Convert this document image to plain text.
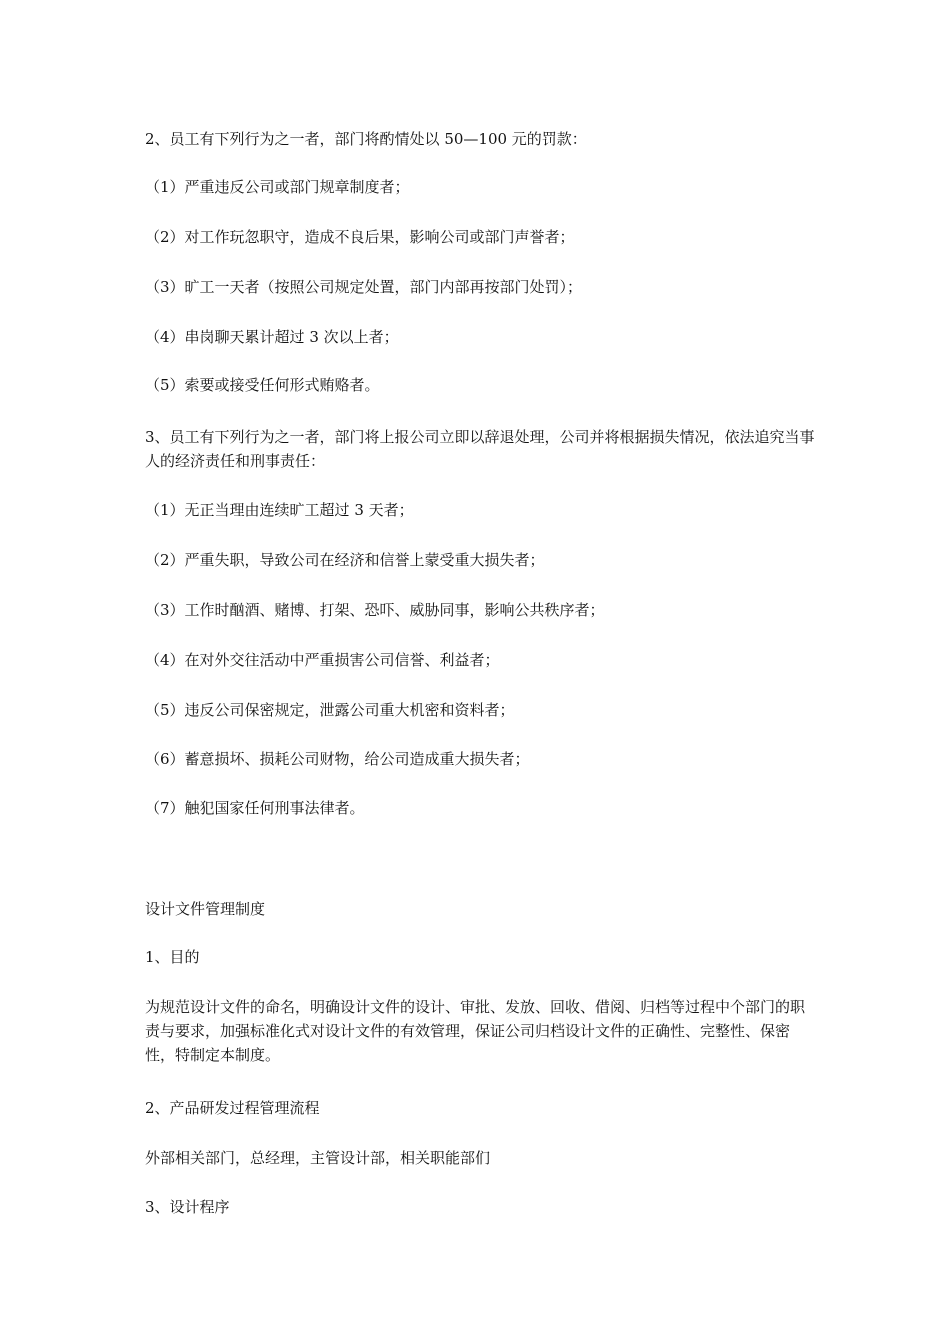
2、员工有下列行为之一者，部门将酌情处以 50—100 元的罚款：

（1）严重违反公司或部门规章制度者；

（2）对工作玩忽职守，造成不良后果，影响公司或部门声誉者；

（3）旷工一天者（按照公司规定处置，部门内部再按部门处罚）；

（4）串岗聊天累计超过 3 次以上者；

（5）索要或接受任何形式贿赂者。

3、员工有下列行为之一者，部门将上报公司立即以辞退处理，公司并将根据损失情况，依法追究当事人的经济责任和刑事责任：

（1）无正当理由连续旷工超过 3 天者；

（2）严重失职，导致公司在经济和信誉上蒙受重大损失者；

（3）工作时酗酒、赌博、打架、恐吓、威胁同事，影响公共秩序者；

（4）在对外交往活动中严重损害公司信誉、利益者；

（5）违反公司保密规定，泄露公司重大机密和资料者；

（6）蓄意损坏、损耗公司财物，给公司造成重大损失者；

（7）触犯国家任何刑事法律者。

设计文件管理制度

1、目的

为规范设计文件的命名，明确设计文件的设计、审批、发放、回收、借阅、归档等过程中个部门的职责与要求，加强标准化式对设计文件的有效管理，保证公司归档设计文件的正确性、完整性、保密性，特制定本制度。

2、产品研发过程管理流程

外部相关部门，总经理，主管设计部，相关职能部们

3、设计程序
